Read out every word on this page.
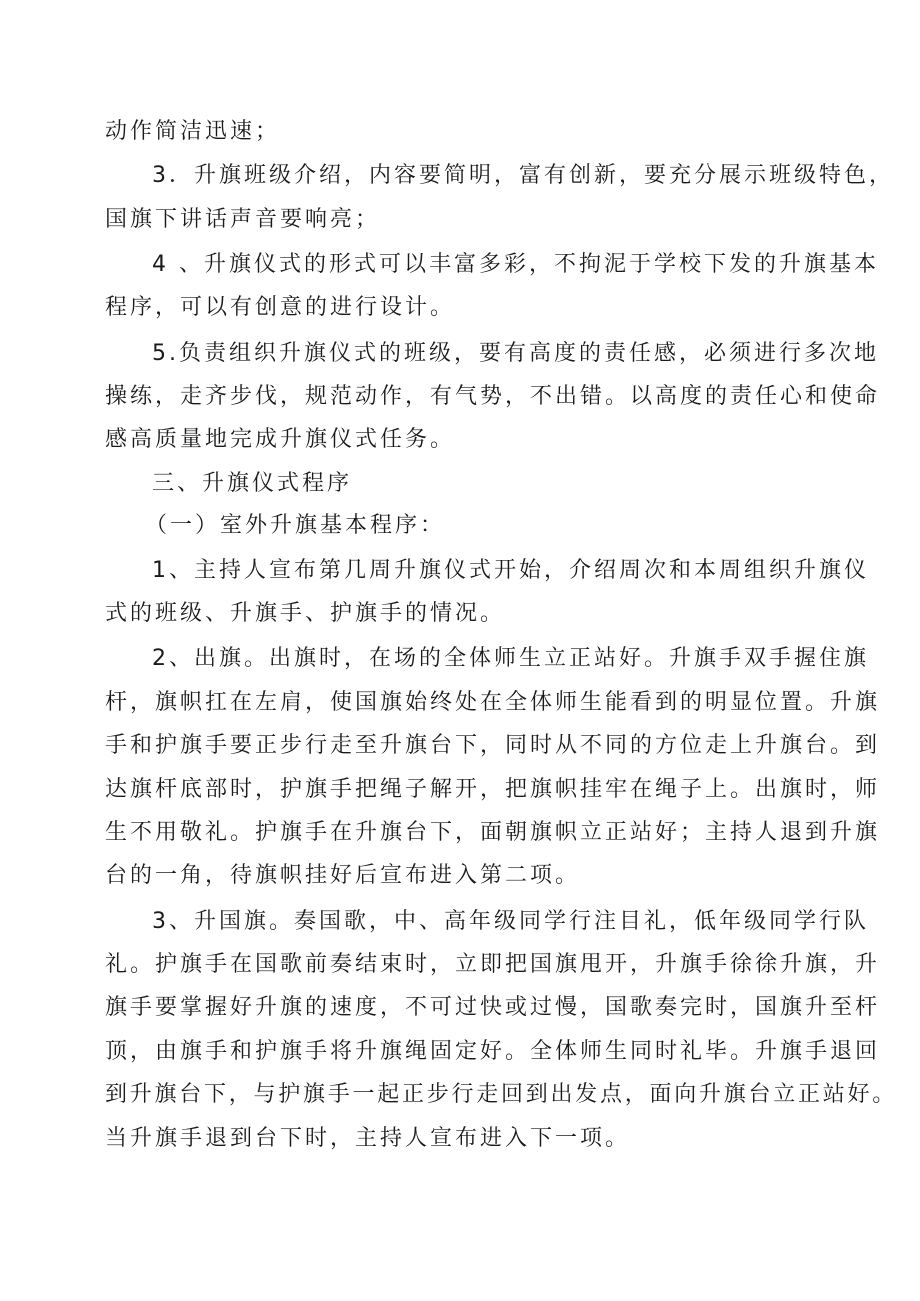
动作简洁迅速；
3．升旗班级介绍，内容要简明，富有创新，要充分展示班级特色，
国旗下讲话声音要响亮；
4 、升旗仪式的形式可以丰富多彩，不拘泥于学校下发的升旗基本
程序，可以有创意的进行设计。
5.负责组织升旗仪式的班级，要有高度的责任感，必须进行多次地
操练，走齐步伐，规范动作，有气势，不出错。以高度的责任心和使命
感高质量地完成升旗仪式任务。
三、升旗仪式程序
（一）室外升旗基本程序：
1、主持人宣布第几周升旗仪式开始，介绍周次和本周组织升旗仪
式的班级、升旗手、护旗手的情况。
2、出旗。出旗时，在场的全体师生立正站好。升旗手双手握住旗
杆，旗帜扛在左肩，使国旗始终处在全体师生能看到的明显位置。升旗
手和护旗手要正步行走至升旗台下，同时从不同的方位走上升旗台。到
达旗杆底部时，护旗手把绳子解开，把旗帜挂牢在绳子上。出旗时，师
生不用敬礼。护旗手在升旗台下，面朝旗帜立正站好；主持人退到升旗
台的一角，待旗帜挂好后宣布进入第二项。
3、升国旗。奏国歌，中、高年级同学行注目礼，低年级同学行队
礼。护旗手在国歌前奏结束时，立即把国旗甩开，升旗手徐徐升旗，升
旗手要掌握好升旗的速度，不可过快或过慢，国歌奏完时，国旗升至杆
顶，由旗手和护旗手将升旗绳固定好。全体师生同时礼毕。升旗手退回
到升旗台下，与护旗手一起正步行走回到出发点，面向升旗台立正站好。
当升旗手退到台下时，主持人宣布进入下一项。
